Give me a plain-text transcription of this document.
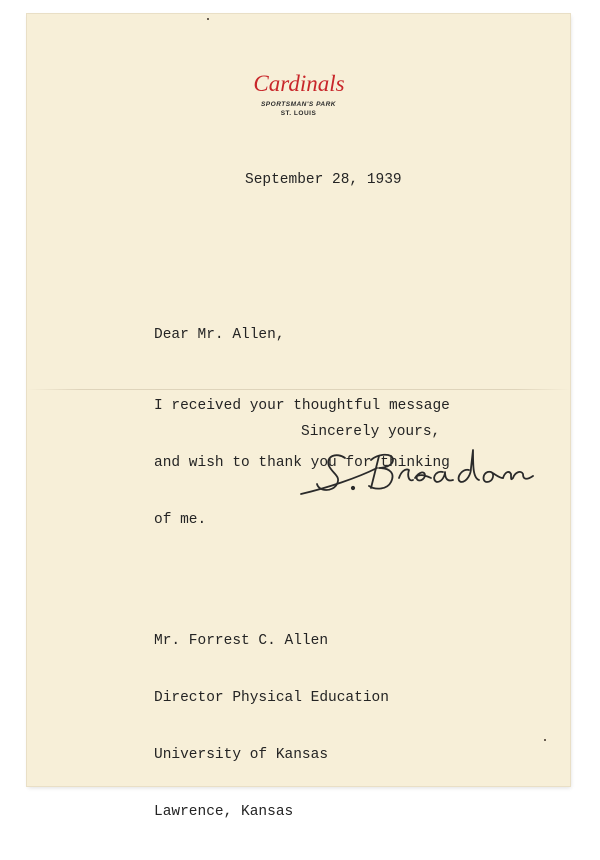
Cardinals
SPORTSMAN'S PARK
ST. LOUIS
September 28, 1939
Dear Mr. Allen,

I received your thoughtful message

and wish to thank you for thinking

of me.

Sincerely yours,

Mr. Forrest C. Allen

Director Physical Education

University of Kansas

Lawrence, Kansas
